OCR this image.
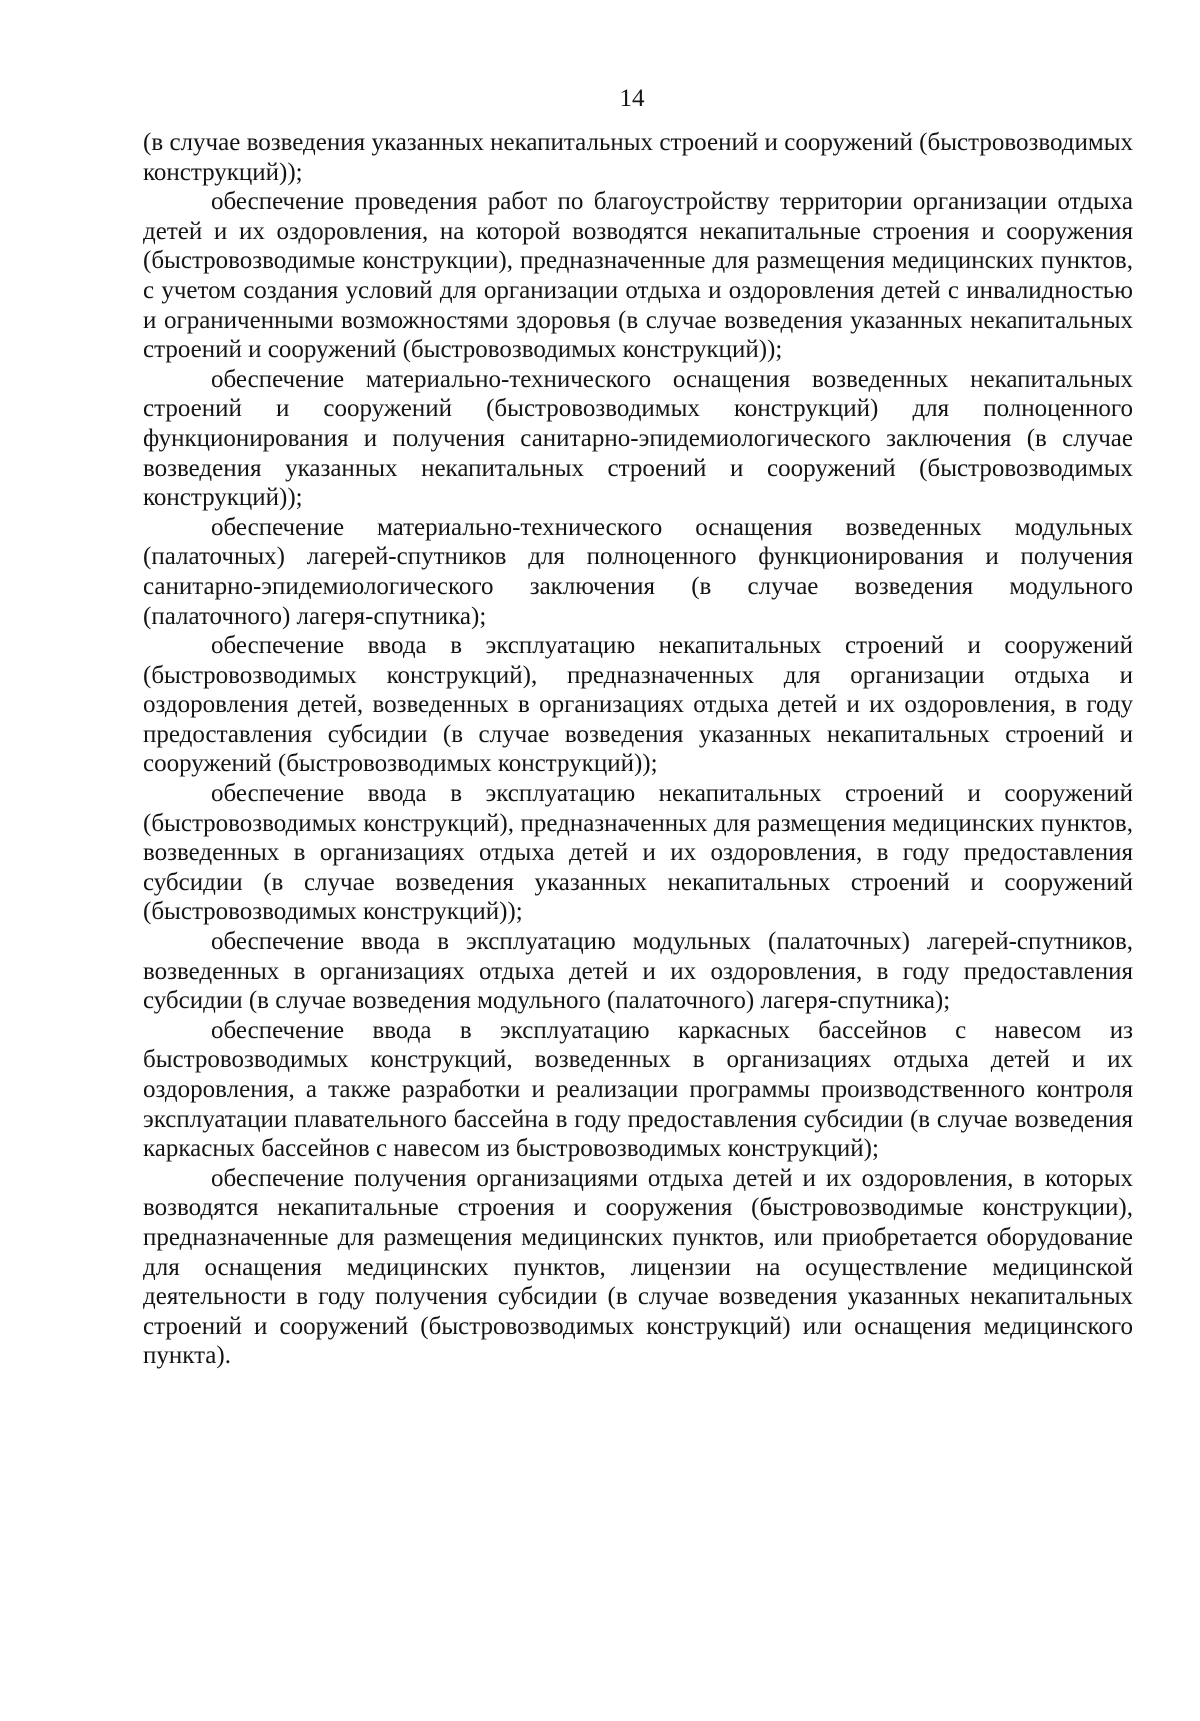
14

(в случае возведения указанных некапитальных строений и сооружений (быстровозводимых конструкций));

обеспечение проведения работ по благоустройству территории организации отдыха детей и их оздоровления, на которой возводятся некапитальные строения и сооружения (быстровозводимые конструкции), предназначенные для размещения медицинских пунктов, с учетом создания условий для организации отдыха и оздоровления детей с инвалидностью и ограниченными возможностями здоровья (в случае возведения указанных некапитальных строений и сооружений (быстровозводимых конструкций));

обеспечение материально-технического оснащения возведенных некапитальных строений и сооружений (быстровозводимых конструкций) для полноценного функционирования и получения санитарно-эпидемиологического заключения (в случае возведения указанных некапитальных строений и сооружений (быстровозводимых конструкций));

обеспечение материально-технического оснащения возведенных модульных (палаточных) лагерей-спутников для полноценного функционирования и получения санитарно-эпидемиологического заключения (в случае возведения модульного (палаточного) лагеря-спутника);

обеспечение ввода в эксплуатацию некапитальных строений и сооружений (быстровозводимых конструкций), предназначенных для организации отдыха и оздоровления детей, возведенных в организациях отдыха детей и их оздоровления, в году предоставления субсидии (в случае возведения указанных некапитальных строений и сооружений (быстровозводимых конструкций));

обеспечение ввода в эксплуатацию некапитальных строений и сооружений (быстровозводимых конструкций), предназначенных для размещения медицинских пунктов, возведенных в организациях отдыха детей и их оздоровления, в году предоставления субсидии (в случае возведения указанных некапитальных строений и сооружений (быстровозводимых конструкций));

обеспечение ввода в эксплуатацию модульных (палаточных) лагерей-спутников, возведенных в организациях отдыха детей и их оздоровления, в году предоставления субсидии (в случае возведения модульного (палаточного) лагеря-спутника);

обеспечение ввода в эксплуатацию каркасных бассейнов с навесом из быстровозводимых конструкций, возведенных в организациях отдыха детей и их оздоровления, а также разработки и реализации программы производственного контроля эксплуатации плавательного бассейна в году предоставления субсидии (в случае возведения каркасных бассейнов с навесом из быстровозводимых конструкций);

обеспечение получения организациями отдыха детей и их оздоровления, в которых возводятся некапитальные строения и сооружения (быстровозводимые конструкции), предназначенные для размещения медицинских пунктов, или приобретается оборудование для оснащения медицинских пунктов, лицензии на осуществление медицинской деятельности в году получения субсидии (в случае возведения указанных некапитальных строений и сооружений (быстровозводимых конструкций) или оснащения медицинского пункта).
